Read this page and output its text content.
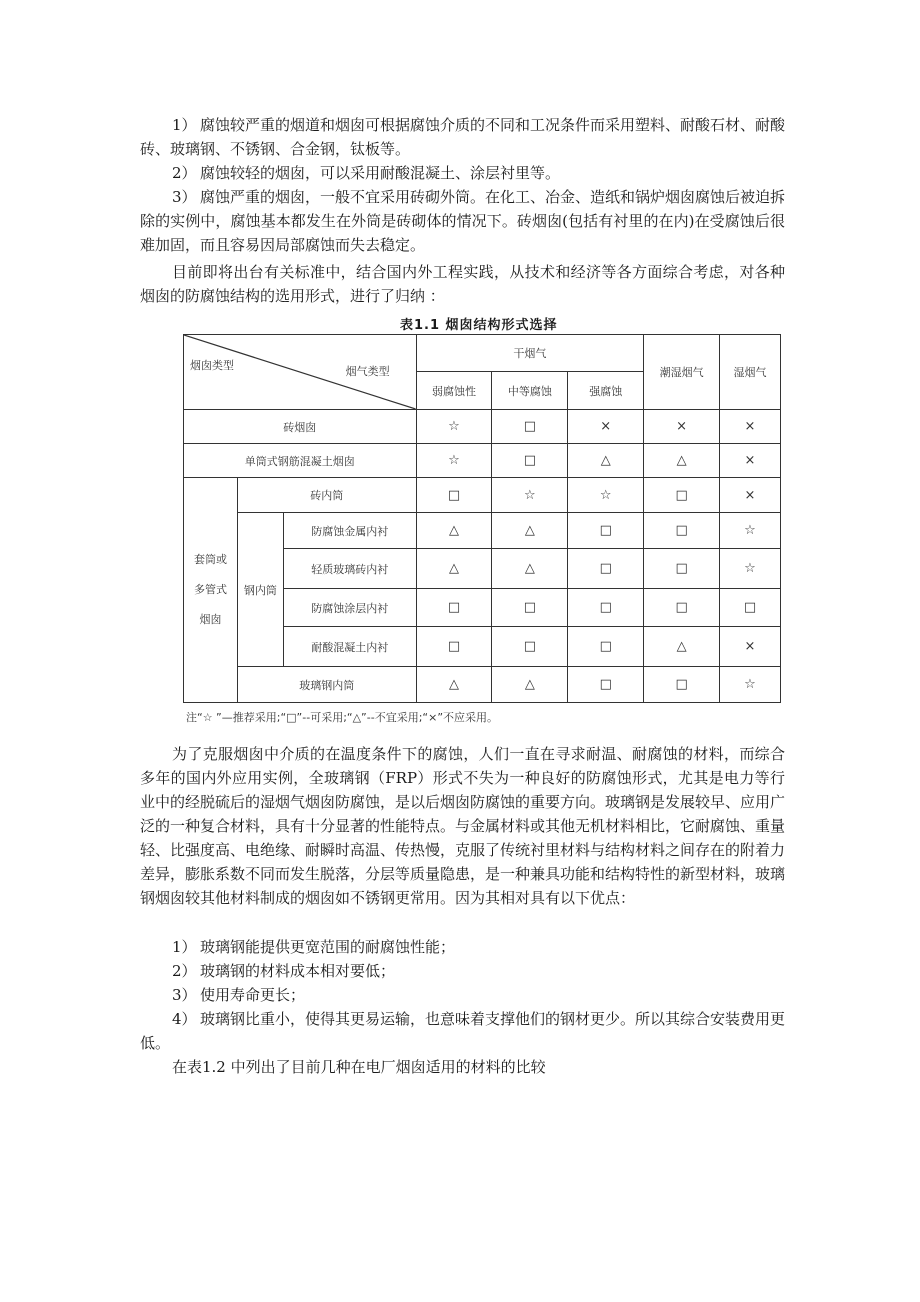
1） 腐蚀较严重的烟道和烟囱可根据腐蚀介质的不同和工况条件而采用塑料、耐酸石材、耐酸砖、玻璃钢、不锈钢、合金钢，钛板等。

2） 腐蚀较轻的烟囱，可以采用耐酸混凝土、涂层衬里等。

3） 腐蚀严重的烟囱，一般不宜采用砖砌外筒。在化工、冶金、造纸和锅炉烟囱腐蚀后被迫拆除的实例中，腐蚀基本都发生在外筒是砖砌体的情况下。砖烟囱(包括有衬里的在内)在受腐蚀后很难加固，而且容易因局部腐蚀而失去稳定。

目前即将出台有关标准中，结合国内外工程实践，从技术和经济等各方面综合考虑，对各种烟囱的防腐蚀结构的选用形式，进行了归纳 ：

表1.1 烟囱结构形式选择
烟囱类型 烟气类型			干烟气			潮湿烟气	湿烟气
			弱腐蚀性	中等腐蚀	强腐蚀		
砖烟囱			☆	□	×	×	×
单筒式钢筋混凝土烟囱			☆	□	△	△	×

套筒或
多管式
烟囱	砖内筒		□	☆	☆	□	×
	钢内筒	防腐蚀金属内衬	△	△	□	□	☆
		轻质玻璃砖内衬	△	△	□	□	☆
		防腐蚀涂层内衬	□	□	□	□	□
		耐酸混凝土内衬	□	□	□	△	×
	玻璃钢内筒		△	△	□	□	☆
注“☆ ”—推荐采用;“□”--可采用;“△”--不宜采用;“×”不应采用。

为了克服烟囱中介质的在温度条件下的腐蚀，人们一直在寻求耐温、耐腐蚀的材料，而综合多年的国内外应用实例，全玻璃钢（FRP）形式不失为一种良好的防腐蚀形式，尤其是电力等行业中的经脱硫后的湿烟气烟囱防腐蚀，是以后烟囱防腐蚀的重要方向。玻璃钢是发展较早、应用广泛的一种复合材料，具有十分显著的性能特点。与金属材料或其他无机材料相比，它耐腐蚀、重量轻、比强度高、电绝缘、耐瞬时高温、传热慢，克服了传统衬里材料与结构材料之间存在的附着力差异，膨胀系数不同而发生脱落，分层等质量隐患，是一种兼具功能和结构特性的新型材料，玻璃钢烟囱较其他材料制成的烟囱如不锈钢更常用。因为其相对具有以下优点：

1） 玻璃钢能提供更宽范围的耐腐蚀性能；

2） 玻璃钢的材料成本相对要低；

3） 使用寿命更长；

4） 玻璃钢比重小，使得其更易运输，也意味着支撑他们的钢材更少。所以其综合安装费用更低。

在表1.2 中列出了目前几种在电厂烟囱适用的材料的比较
